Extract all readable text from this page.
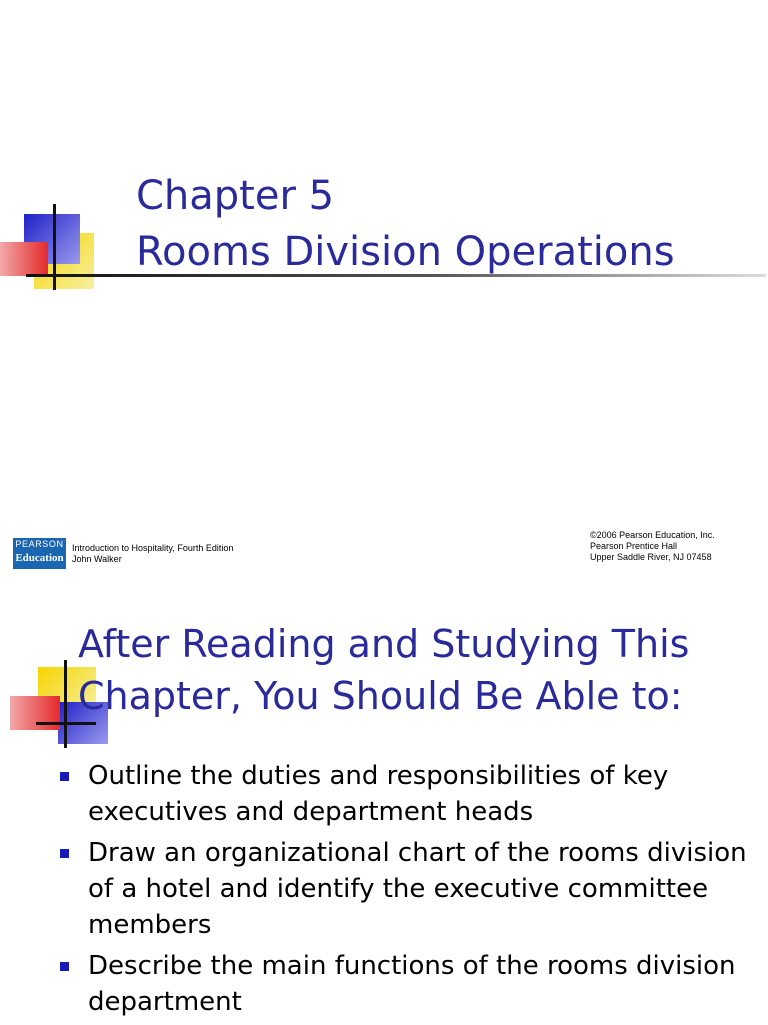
Chapter 5
Rooms Division Operations
PEARSON
Education
Introduction to Hospitality, Fourth Edition
John Walker
©2006 Pearson Education, Inc.
Pearson Prentice Hall
Upper Saddle River, NJ 07458
After Reading and Studying This
Chapter, You Should Be Able to:
Outline the duties and responsibilities of key executives and department heads
Draw an organizational chart of the rooms division of a hotel and identify the executive committee members
Describe the main functions of the rooms division department
